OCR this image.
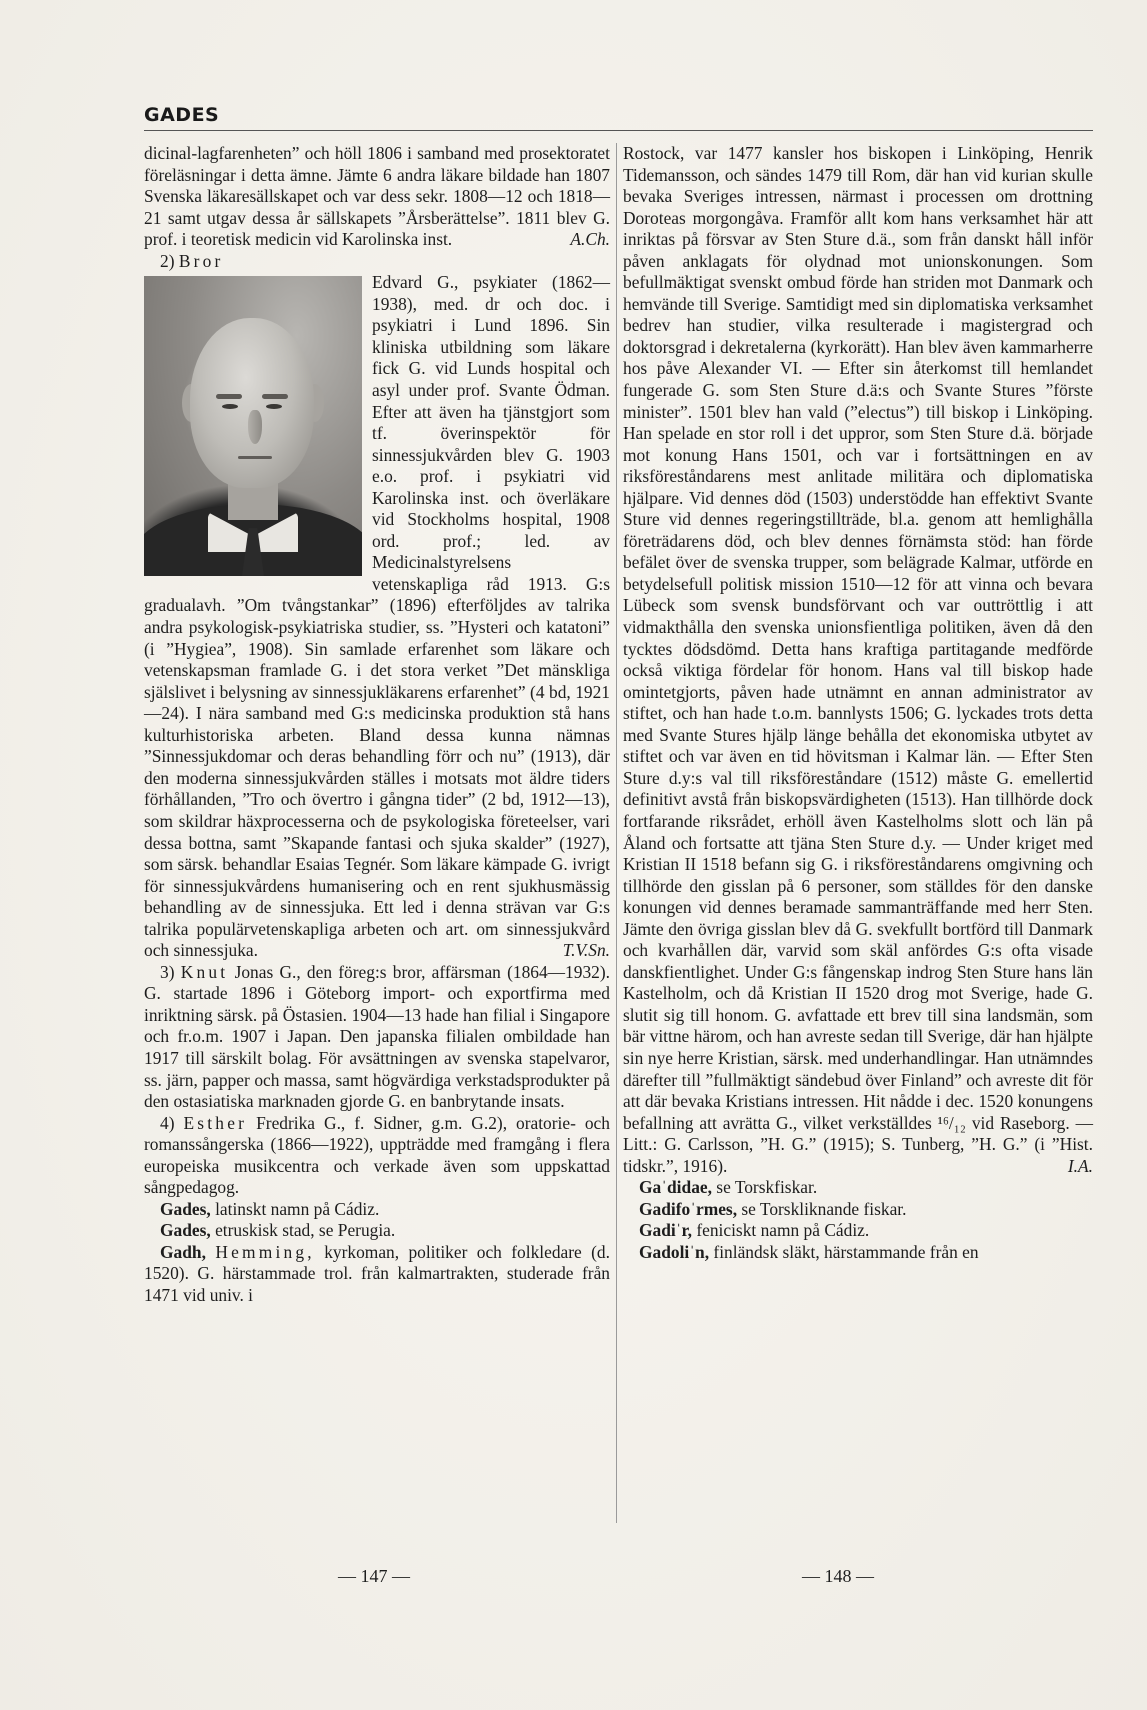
GADES

dicinal-lagfarenheten” och höll 1806 i samband med prosektoratet föreläsningar i detta ämne. Jämte 6 andra läkare bildade han 1807 Svenska läkaresällskapet och var dess sekr. 1808—12 och 1818—21 samt utgav dessa år sällskapets ”Årsberättelse”. 1811 blev G. prof. i teoretisk medicin vid Karolinska inst.	A.Ch.

2) Bror

Edvard G., psykiater (1862—1938), med. dr och doc. i psykiatri i Lund 1896. Sin kliniska utbildning som läkare fick G. vid Lunds hospital och asyl under prof. Svante Ödman. Efter att även ha tjänstgjort som tf. överinspektör för sinnessjukvården blev G. 1903 e.o. prof. i psykiatri vid Karolinska inst. och överläkare vid Stockholms hospital, 1908 ord. prof.; led. av Medicinalstyrelsens vetenskapliga råd 1913. G:s gradualavh. ”Om tvångstankar” (1896) efterföljdes av talrika andra psykologisk-psykiatriska studier, ss. ”Hysteri och katatoni” (i ”Hygiea”, 1908). Sin samlade erfarenhet som läkare och vetenskapsman framlade G. i det stora verket ”Det mänskliga själslivet i belysning av sinnessjukläkarens erfarenhet” (4 bd, 1921—24). I nära samband med G:s medicinska produktion stå hans kulturhistoriska arbeten. Bland dessa kunna nämnas ”Sinnessjukdomar och deras behandling förr och nu” (1913), där den moderna sinnessjukvården ställes i motsats mot äldre tiders förhållanden, ”Tro och övertro i gångna tider” (2 bd, 1912—13), som skildrar häxprocesserna och de psykologiska företeelser, vari dessa bottna, samt ”Skapande fantasi och sjuka skalder” (1927), som särsk. behandlar Esaias Tegnér. Som läkare kämpade G. ivrigt för sinnessjukvårdens humanisering och en rent sjukhusmässig behandling av de sinnessjuka. Ett led i denna strävan var G:s talrika populärvetenskapliga arbeten och art. om sinnessjukvård och sinnessjuka.	T.V.Sn.

3) Knut Jonas G., den föreg:s bror, affärsman (1864—1932). G. startade 1896 i Göteborg import- och exportfirma med inriktning särsk. på Östasien. 1904—13 hade han filial i Singapore och fr.o.m. 1907 i Japan. Den japanska filialen ombildade han 1917 till särskilt bolag. För avsättningen av svenska stapelvaror, ss. järn, papper och massa, samt högvärdiga verkstadsprodukter på den ostasiatiska marknaden gjorde G. en banbrytande insats.

4) Esther Fredrika G., f. Sidner, g.m. G.2), oratorie- och romanssångerska (1866—1922), uppträdde med framgång i flera europeiska musikcentra och verkade även som uppskattad sångpedagog.

Gades, latinskt namn på Cádiz.

Gades, etruskisk stad, se Perugia.

Gadh, Hemming, kyrkoman, politiker och folkledare (d. 1520). G. härstammade trol. från kalmartrakten, studerade från 1471 vid univ. i

Rostock, var 1477 kansler hos biskopen i Linköping, Henrik Tidemansson, och sändes 1479 till Rom, där han vid kurian skulle bevaka Sveriges intressen, närmast i processen om drottning Doroteas morgongåva. Framför allt kom hans verksamhet här att inriktas på försvar av Sten Sture d.ä., som från danskt håll inför påven anklagats för olydnad mot unionskonungen. Som befullmäktigat svenskt ombud förde han striden mot Danmark och hemvände till Sverige. Samtidigt med sin diplomatiska verksamhet bedrev han studier, vilka resulterade i magistergrad och doktorsgrad i dekretalerna (kyrkorätt). Han blev även kammarherre hos påve Alexander VI. — Efter sin återkomst till hemlandet fungerade G. som Sten Sture d.ä:s och Svante Stures ”förste minister”. 1501 blev han vald (”electus”) till biskop i Linköping. Han spelade en stor roll i det uppror, som Sten Sture d.ä. började mot konung Hans 1501, och var i fortsättningen en av riksföreståndarens mest anlitade militära och diplomatiska hjälpare. Vid dennes död (1503) understödde han effektivt Svante Sture vid dennes regeringstillträde, bl.a. genom att hemlighålla företrädarens död, och blev dennes förnämsta stöd: han förde befälet över de svenska trupper, som belägrade Kalmar, utförde en betydelsefull politisk mission 1510—12 för att vinna och bevara Lübeck som svensk bundsförvant och var outtröttlig i att vidmakthålla den svenska unionsfientliga politiken, även då den tycktes dödsdömd. Detta hans kraftiga partitagande medförde också viktiga fördelar för honom. Hans val till biskop hade omintetgjorts, påven hade utnämnt en annan administrator av stiftet, och han hade t.o.m. bannlysts 1506; G. lyckades trots detta med Svante Stures hjälp länge behålla det ekonomiska utbytet av stiftet och var även en tid hövitsman i Kalmar län. — Efter Sten Sture d.y:s val till riksföreståndare (1512) måste G. emellertid definitivt avstå från biskopsvärdigheten (1513). Han tillhörde dock fortfarande riksrådet, erhöll även Kastelholms slott och län på Åland och fortsatte att tjäna Sten Sture d.y. — Under kriget med Kristian II 1518 befann sig G. i riksföreståndarens omgivning och tillhörde den gisslan på 6 personer, som ställdes för den danske konungen vid dennes beramade sammanträffande med herr Sten. Jämte den övriga gisslan blev då G. svekfullt bortförd till Danmark och kvarhållen där, varvid som skäl anfördes G:s ofta visade danskfientlighet. Under G:s fångenskap indrog Sten Sture hans län Kastelholm, och då Kristian II 1520 drog mot Sverige, hade G. slutit sig till honom. G. avfattade ett brev till sina landsmän, som bär vittne härom, och han avreste sedan till Sverige, där han hjälpte sin nye herre Kristian, särsk. med underhandlingar. Han utnämndes därefter till ”fullmäktigt sändebud över Finland” och avreste dit för att där bevaka Kristians intressen. Hit nådde i dec. 1520 konungens befallning att avrätta G., vilket verkställdes ¹⁶/₁₂ vid Raseborg. — Litt.: G. Carlsson, ”H. G.” (1915); S. Tunberg, ”H. G.” (i ”Hist. tidskr.”, 1916).	I.A.

Gaˈdidae, se Torskfiskar.

Gadifoˈrmes, se Torskliknande fiskar.

Gadiˈr, feniciskt namn på Cádiz.

Gadoliˈn, finländsk släkt, härstammande från en

— 147 —	— 148 —
